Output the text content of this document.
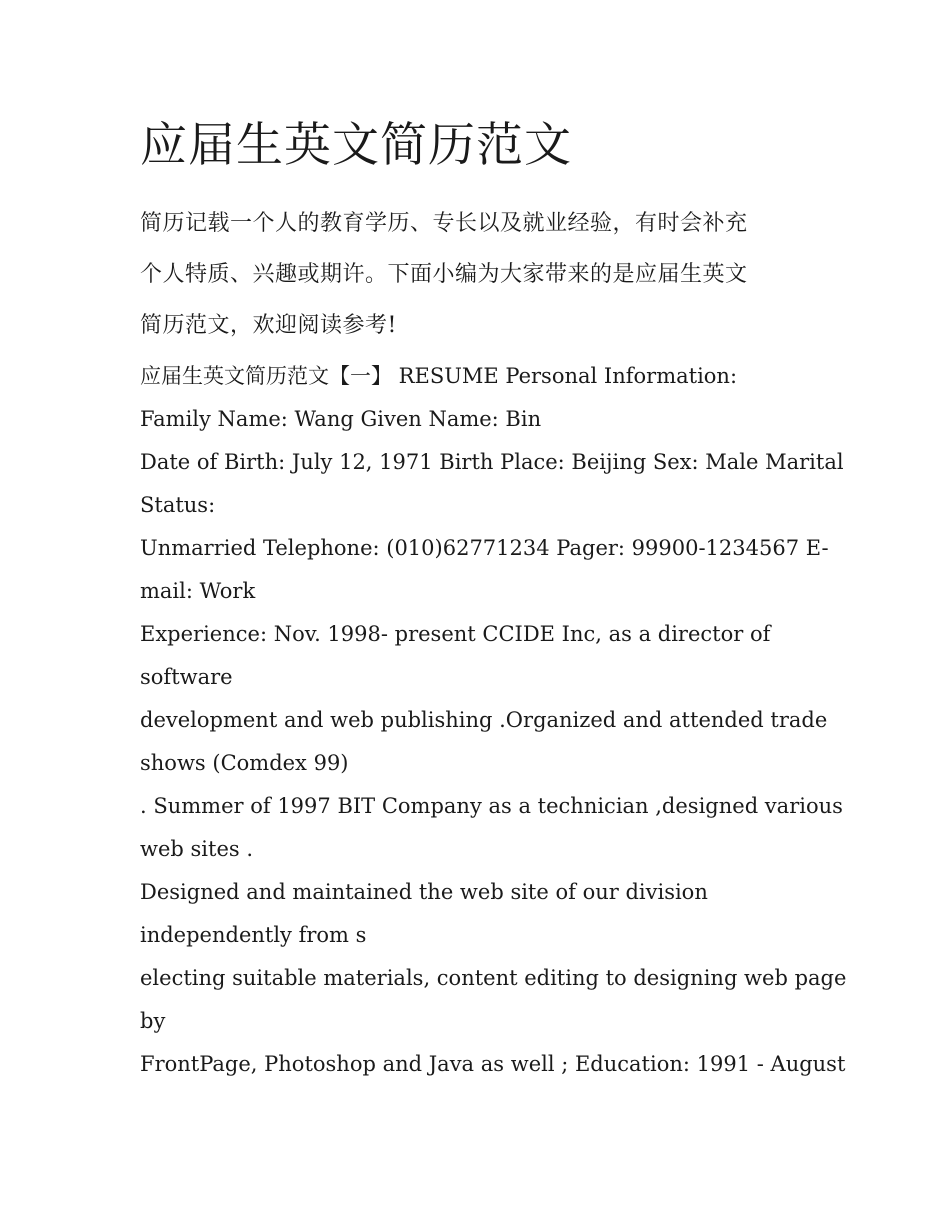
应届生英文简历范文
简历记载一个人的教育学历、专长以及就业经验，有时会补充
个人特质、兴趣或期许。下面小编为大家带来的是应届生英文
简历范文，欢迎阅读参考!
应届生英文简历范文【一】 RESUME Personal Information:
Family Name: Wang Given Name: Bin
Date of Birth: July 12, 1971 Birth Place: Beijing Sex: Male Marital
Status:
Unmarried Telephone: (010)62771234 Pager: 99900-1234567 E-
mail: Work
Experience: Nov. 1998- present CCIDE Inc, as a director of
software
development and web publishing .Organized and attended trade
shows (Comdex 99)
. Summer of 1997 BIT Company as a technician ,designed various
web sites .
Designed and maintained the web site of our division
independently from s
electing suitable materials, content editing to designing web page
by
FrontPage, Photoshop and Java as well ; Education: 1991 - August
